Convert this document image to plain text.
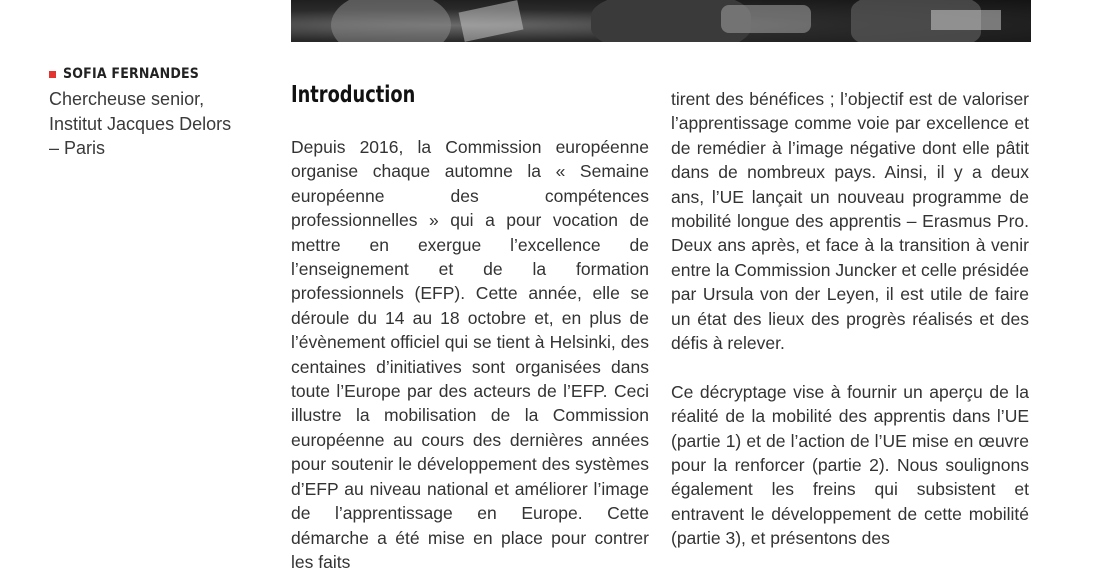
SOFIA FERNANDES
Chercheuse senior,
Institut Jacques Delors
– Paris
Introduction

Depuis 2016, la Commission européenne organise chaque automne la « Semaine européenne des compétences professionnelles » qui a pour vocation de mettre en exergue l’excellence de l’enseignement et de la formation professionnels (EFP). Cette année, elle se déroule du 14 au 18 octobre et, en plus de l’évènement officiel qui se tient à Helsinki, des centaines d’initiatives sont organisées dans toute l’Europe par des acteurs de l’EFP. Ceci illustre la mobilisation de la Commission européenne au cours des dernières années pour soutenir le développement des systèmes d’EFP au niveau national et améliorer l’image de l’apprentissage en Europe. Cette démarche a été mise en place pour contrer les faits

tirent des bénéfices ; l’objectif est de valoriser l’apprentissage comme voie par excellence et de remédier à l’image négative dont elle pâtit dans de nombreux pays. Ainsi, il y a deux ans, l’UE lançait un nouveau programme de mobilité longue des apprentis – Erasmus Pro. Deux ans après, et face à la transition à venir entre la Commission Juncker et celle présidée par Ursula von der Leyen, il est utile de faire un état des lieux des progrès réalisés et des défis à relever.

Ce décryptage vise à fournir un aperçu de la réalité de la mobilité des apprentis dans l’UE (partie 1) et de l’action de l’UE mise en œuvre pour la renforcer (partie 2). Nous soulignons également les freins qui subsistent et entravent le développement de cette mobilité (partie 3), et présentons des
